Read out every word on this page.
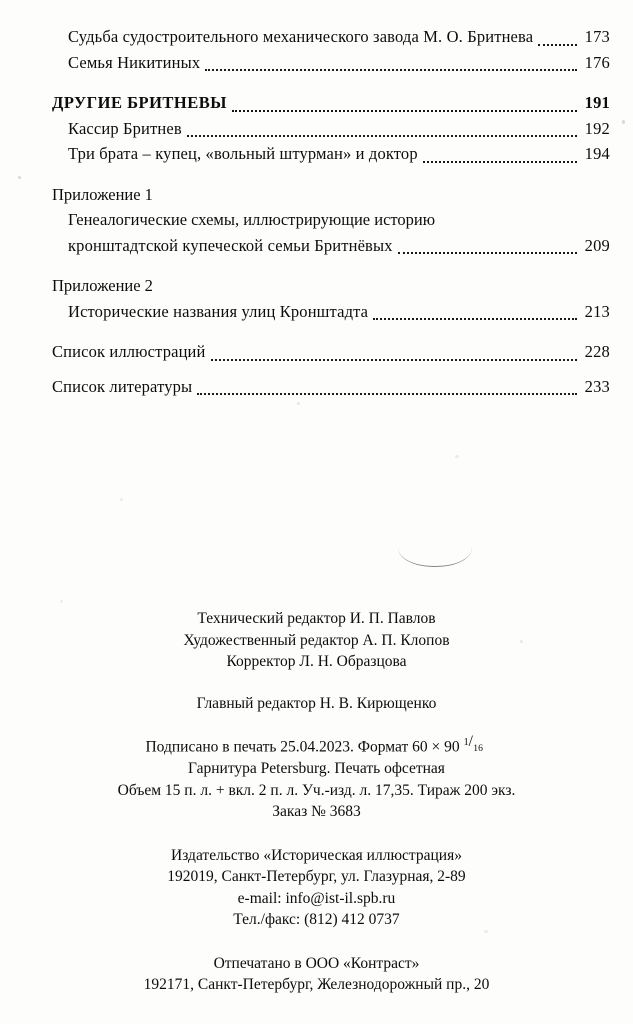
Судьба судостроительного механического завода М. О. Бритнева	173
Семья Никитиных	176
ДРУГИЕ БРИТНЕВЫ	191
Кассир Бритнев	192
Три брата – купец, «вольный штурман» и доктор	194
Приложение 1
Генеалогические схемы, иллюстрирующие историю
кронштадтской купеческой семьи Бритнёвых	209
Приложение 2
Исторические названия улиц Кронштадта	213
Список иллюстраций	228
Список литературы	233
Технический редактор И. П. Павлов
Художественный редактор А. П. Клопов
Корректор Л. Н. Образцова
Главный редактор Н. В. Кирющенко
Подписано в печать 25.04.2023. Формат 60 × 90 1 / 16
Гарнитура Petersburg. Печать офсетная
Объем 15 п. л. + вкл. 2 п. л. Уч.-изд. л. 17,35. Тираж 200 экз.
Заказ № 3683
Издательство «Историческая иллюстрация»
192019, Санкт-Петербург, ул. Глазурная, 2-89
e-mail: info@ist-il.spb.ru
Тел./факс: (812) 412 0737
Отпечатано в ООО «Контраст»
192171, Санкт-Петербург, Железнодорожный пр., 20
